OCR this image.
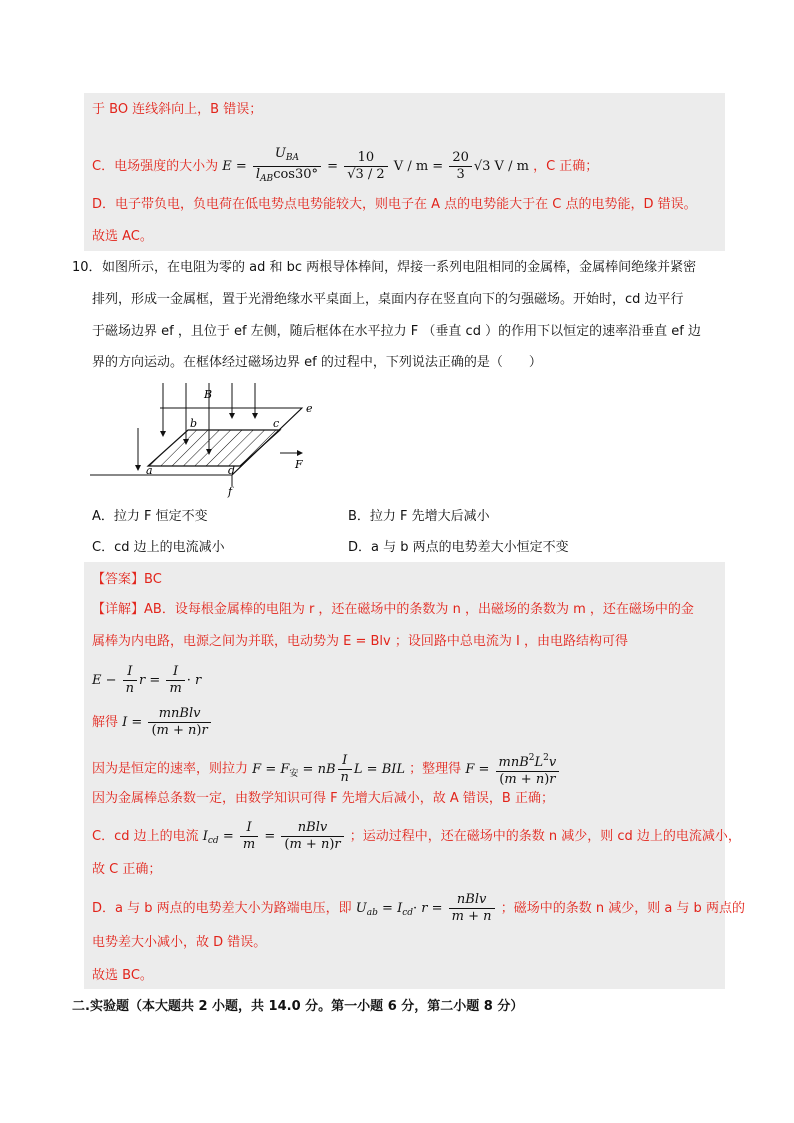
于 BO 连线斜向上，B 错误；
C．电场强度的大小为 $E = \frac{U_{BA}}{l_{AB}\cos 30^\circ} = \frac{10}{√3 / 2}$ $V / m = \frac{20}{3} √3$ V / m ，C 正确；
D．电子带负电，负电荷在低电势点电势能较大，则电子在 A 点的电势能大于在 C 点的电势能，D 错误。
故选 AC。
10． 如图所示，在电阻为零的 ad 和 bc 两根导体棒间，焊接一系列电阻相同的金属棒，金属棒间绝缘并紧密
排列，形成一金属框，置于光滑绝缘水平桌面上，桌面内存在竖直向下的匀强磁场。开始时，cd 边平行
于磁场边界 ef ，且位于 ef 左侧，随后框体在水平拉力 F （垂直 cd ）的作用下以恒定的速率沿垂直 ef 边
界的方向运动。在框体经过磁场边界 ef 的过程中，下列说法正确的是（　　）
B
e
b	c
F
a	d
f
A．拉力 F 恒定不变	B．拉力 F 先增大后减小
C．cd 边上的电流减小	D．a 与 b 两点的电势差大小恒定不变
【答案】BC
【详解】AB．设每根金属棒的电阻为 r ，还在磁场中的条数为 n ，出磁场的条数为 m ，还在磁场中的金
属棒为内电路，电源之间为并联，电动势为 E = Blv ；设回路中总电流为 I ，由电路结构可得
$E - \frac{I}{n}$ $r = \frac{I}{m} \cdot r$
解得 $I = \frac{\text{mnBlv}}{(m + n)r}$
因为是恒定的速率，则拉力 $F = F_安$ = nB $\frac{I}{n}$ L = BIL ；整理得 $F = \frac{mnB^2L^2v}{(m + n)r}$
因为金属棒总条数一定，由数学知识可得 F 先增大后减小，故 A 错误，B 正确；
C．cd 边上的电流 $I_{cd} = \frac{I}{m} = \frac{\text{nBlv}}{(m + n)r}$ ；运动过程中，还在磁场中的条数 n 减少，则 cd 边上的电流减小，
故 C 正确；
D．a 与 b 两点的电势差大小为路端电压，即 $U_{ab} = I_{cd}\cdot r = \frac{\text{nBlv}}{m + n}$ ；磁场中的条数 n 减少，则 a 与 b 两点的
电势差大小减小，故 D 错误。
故选 BC。
二.实验题（本大题共 2 小题，共 14.0 分。第一小题 6 分，第二小题 8 分）
